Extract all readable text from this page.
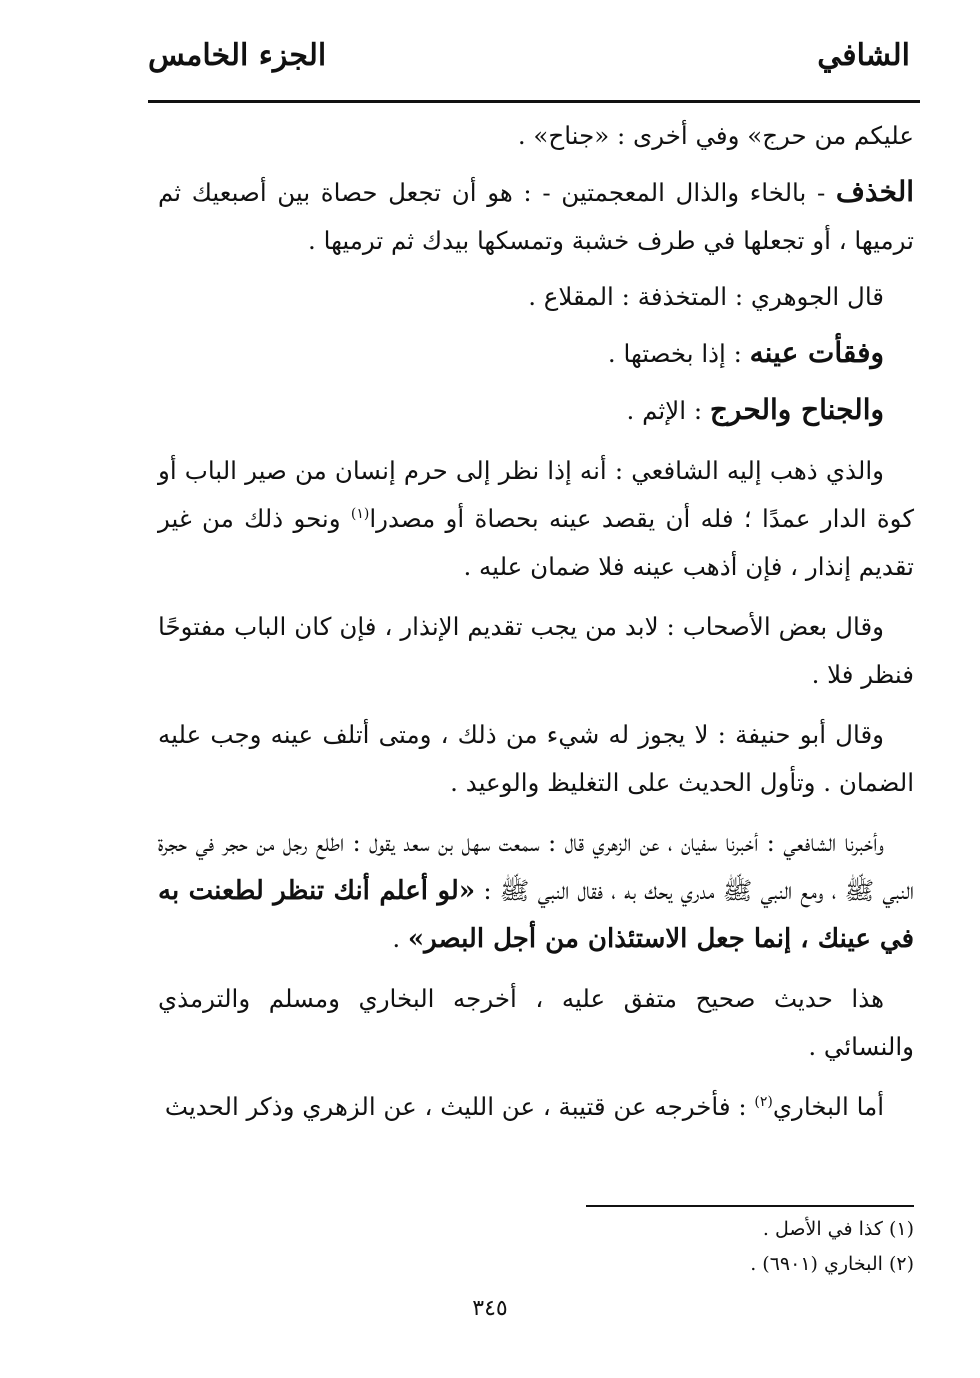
الشافي
الجزء الخامس

عليكم من حرج» وفي أخرى : «جناح» .

الخذف - بالخاء والذال المعجمتين - : هو أن تجعل حصاة بين أصبعيك ثم ترميها ، أو تجعلها في طرف خشبة وتمسكها بيدك ثم ترميها .

قال الجوهري : المتخذفة : المقلاع .

وفقأت عينه : إذا بخصتها .

والجناح والحرج : الإثم .

والذي ذهب إليه الشافعي : أنه إذا نظر إلى حرم إنسان من صير الباب أو كوة الدار عمدًا ؛ فله أن يقصد عينه بحصاة أو مصدرا$^{(١)}$ ونحو ذلك من غير تقديم إنذار ، فإن أذهب عينه فلا ضمان عليه .

وقال بعض الأصحاب : لابد من يجب تقديم الإنذار ، فإن كان الباب مفتوحًا فنظر فلا .

وقال أبو حنيفة : لا يجوز له شيء من ذلك ، ومتى أتلف عينه وجب عليه الضمان . وتأول الحديث على التغليظ والوعيد .

وأخبرنا الشافعي : أخبرنا سفيان ، عن الزهري قال : سمعت سهل بن سعد يقول : اطلع رجل من حجر في حجرة النبي ﷺ ، ومع النبي ﷺ مدري يحك به ، فقال النبي ﷺ : «لو أعلم أنك تنظر لطعنت به في عينك ، إنما جعل الاستئذان من أجل البصر» .

هذا حديث صحيح متفق عليه ، أخرجه البخاري ومسلم والترمذي والنسائي .

أما البخاري$^{(٢)}$ : فأخرجه عن قتيبة ، عن الليث ، عن الزهري وذكر الحديث

(١) كذا في الأصل .
(٢) البخاري (٦٩٠١) .
٣٤٥
